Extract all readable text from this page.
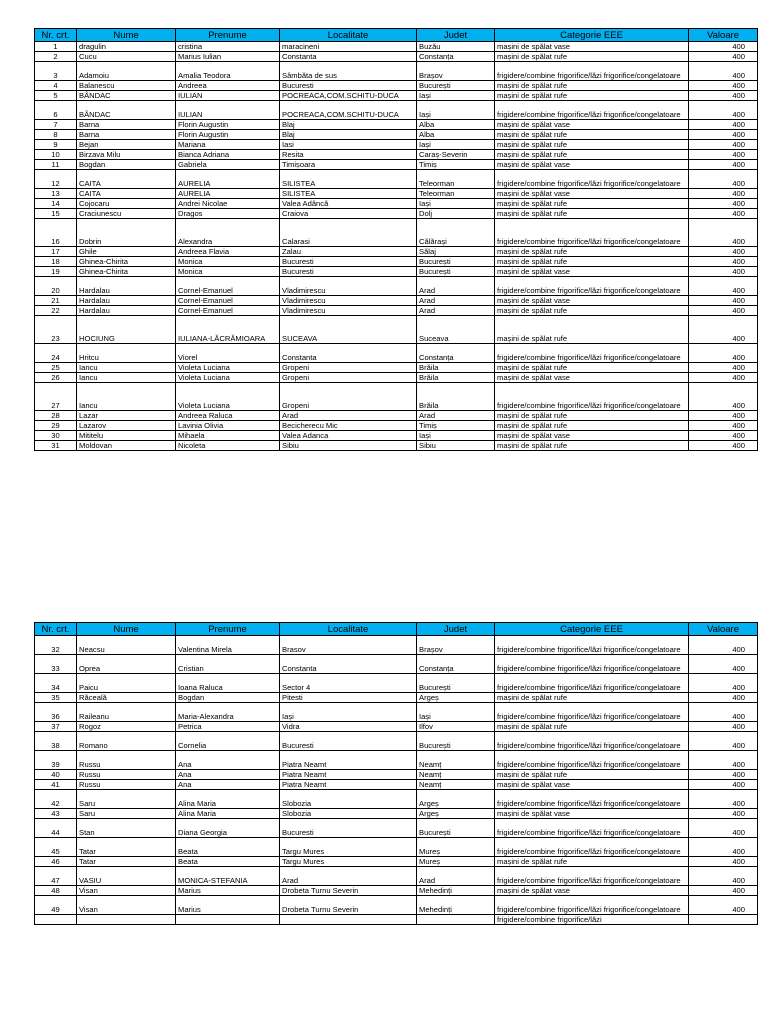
Nr. crt.	Nume	Prenume	Localitate	Judet	Categorie EEE	Valoare
1	dragulin	cristina	maracineni	Buzău	mașini de spălat vase	400
2	Cucu	Marius Iulian	Constanta	Constanța	mașini de spălat rufe	400
3	Adamoiu	Amalia Teodora	Sâmbăta de sus	Brașov	frigidere/combine frigorifice/lăzi frigorifice/congelatoare	400
4	Balanescu	Andreea	Bucuresti	București	mașini de spălat rufe	400
5	BÂNDAC	IULIAN	POCREACA,COM.SCHITU-DUCA	Iași	mașini de spălat rufe	400
6	BÂNDAC	IULIAN	POCREACA,COM.SCHITU-DUCA	Iași	frigidere/combine frigorifice/lăzi frigorifice/congelatoare	400
7	Barna	Florin Augustin	Blaj	Alba	mașini de spălat vase	400
8	Barna	Florin Augustin	Blaj	Alba	mașini de spălat rufe	400
9	Bejan	Mariana	Iasi	Iași	mașini de spălat rufe	400
10	Birzava Milu	Bianca Adriana	Resita	Caraș-Severin	mașini de spălat rufe	400
11	Bogdan	Gabriela	Timișoara	Timiș	mașini de spălat vase	400
12	CAITA	AURELIA	SILISTEA	Teleorman	frigidere/combine frigorifice/lăzi frigorifice/congelatoare	400
13	CAITA	AURELIA	SILISTEA	Teleorman	mașini de spălat vase	400
14	Cojocaru	Andrei Nicolae	Valea Adâncă	Iași	mașini de spălat rufe	400
15	Craciunescu	Dragos	Craiova	Dolj	mașini de spălat rufe	400
16	Dobrin	Alexandra	Calarasi	Călărași	frigidere/combine frigorifice/lăzi frigorifice/congelatoare	400
17	Ghile	Andreea Flavia	Zalau	Sălaj	mașini de spălat rufe	400
18	Ghinea-Chirita	Monica	Bucuresti	București	mașini de spălat rufe	400
19	Ghinea-Chirita	Monica	Bucuresti	București	mașini de spălat vase	400
20	Hardalau	Cornel-Emanuel	Vladimirescu	Arad	frigidere/combine frigorifice/lăzi frigorifice/congelatoare	400
21	Hardalau	Cornel-Emanuel	Vladimirescu	Arad	mașini de spălat vase	400
22	Hardalau	Cornel-Emanuel	Vladimirescu	Arad	mașini de spălat rufe	400
23	HOCIUNG	IULIANA-LĂCRĂMIOARA	SUCEAVA	Suceava	mașini de spălat rufe	400
24	Hritcu	Viorel	Constanta	Constanța	frigidere/combine frigorifice/lăzi frigorifice/congelatoare	400
25	Iancu	Violeta Luciana	Gropeni	Brăila	mașini de spălat rufe	400
26	Iancu	Violeta Luciana	Gropeni	Brăila	mașini de spălat vase	400
27	Iancu	Violeta Luciana	Gropeni	Brăila	frigidere/combine frigorifice/lăzi frigorifice/congelatoare	400
28	Lazar	Andreea Raluca	Arad	Arad	mașini de spălat rufe	400
29	Lazarov	Lavinia Olivia	Becicherecu Mic	Timiș	mașini de spălat rufe	400
30	Mititelu	Mihaela	Valea Adanca	Iași	mașini de spălat vase	400
31	Moldovan	Nicoleta	Sibiu	Sibiu	mașini de spălat rufe	400
Nr. crt.	Nume	Prenume	Localitate	Judet	Categorie EEE	Valoare
32	Neacsu	Valentina Mirela	Brasov	Brașov	frigidere/combine frigorifice/lăzi frigorifice/congelatoare	400
33	Oprea	Cristian	Constanta	Constanța	frigidere/combine frigorifice/lăzi frigorifice/congelatoare	400
34	Paicu	Ioana Raluca	Sector 4	București	frigidere/combine frigorifice/lăzi frigorifice/congelatoare	400
35	Răceală	Bogdan	Pitesti	Argeș	mașini de spălat rufe	400
36	Raileanu	Maria-Alexandra	Iași	Iași	frigidere/combine frigorifice/lăzi frigorifice/congelatoare	400
37	Rogoz	Petrica	Vidra	Ilfov	mașini de spălat rufe	400
38	Romano	Cornelia	Bucuresti	București	frigidere/combine frigorifice/lăzi frigorifice/congelatoare	400
39	Russu	Ana	Piatra Neamt	Neamț	frigidere/combine frigorifice/lăzi frigorifice/congelatoare	400
40	Russu	Ana	Piatra Neamt	Neamț	mașini de spălat rufe	400
41	Russu	Ana	Piatra Neamt	Neamț	mașini de spălat vase	400
42	Saru	Alina Maria	Slobozia	Argeș	frigidere/combine frigorifice/lăzi frigorifice/congelatoare	400
43	Saru	Alina Maria	Slobozia	Argeș	mașini de spălat vase	400
44	Stan	Diana Georgia	Bucuresti	București	frigidere/combine frigorifice/lăzi frigorifice/congelatoare	400
45	Tatar	Beata	Targu Mures	Mureș	frigidere/combine frigorifice/lăzi frigorifice/congelatoare	400
46	Tatar	Beata	Targu Mures	Mureș	mașini de spălat rufe	400
47	VASIU	MONICA-STEFANIA	Arad	Arad	frigidere/combine frigorifice/lăzi frigorifice/congelatoare	400
48	Visan	Marius	Drobeta Turnu Severin	Mehedinți	mașini de spălat vase	400
49	Visan	Marius	Drobeta Turnu Severin	Mehedinți	frigidere/combine frigorifice/lăzi frigorifice/congelatoare	400
					frigidere/combine frigorifice/lăzi	
